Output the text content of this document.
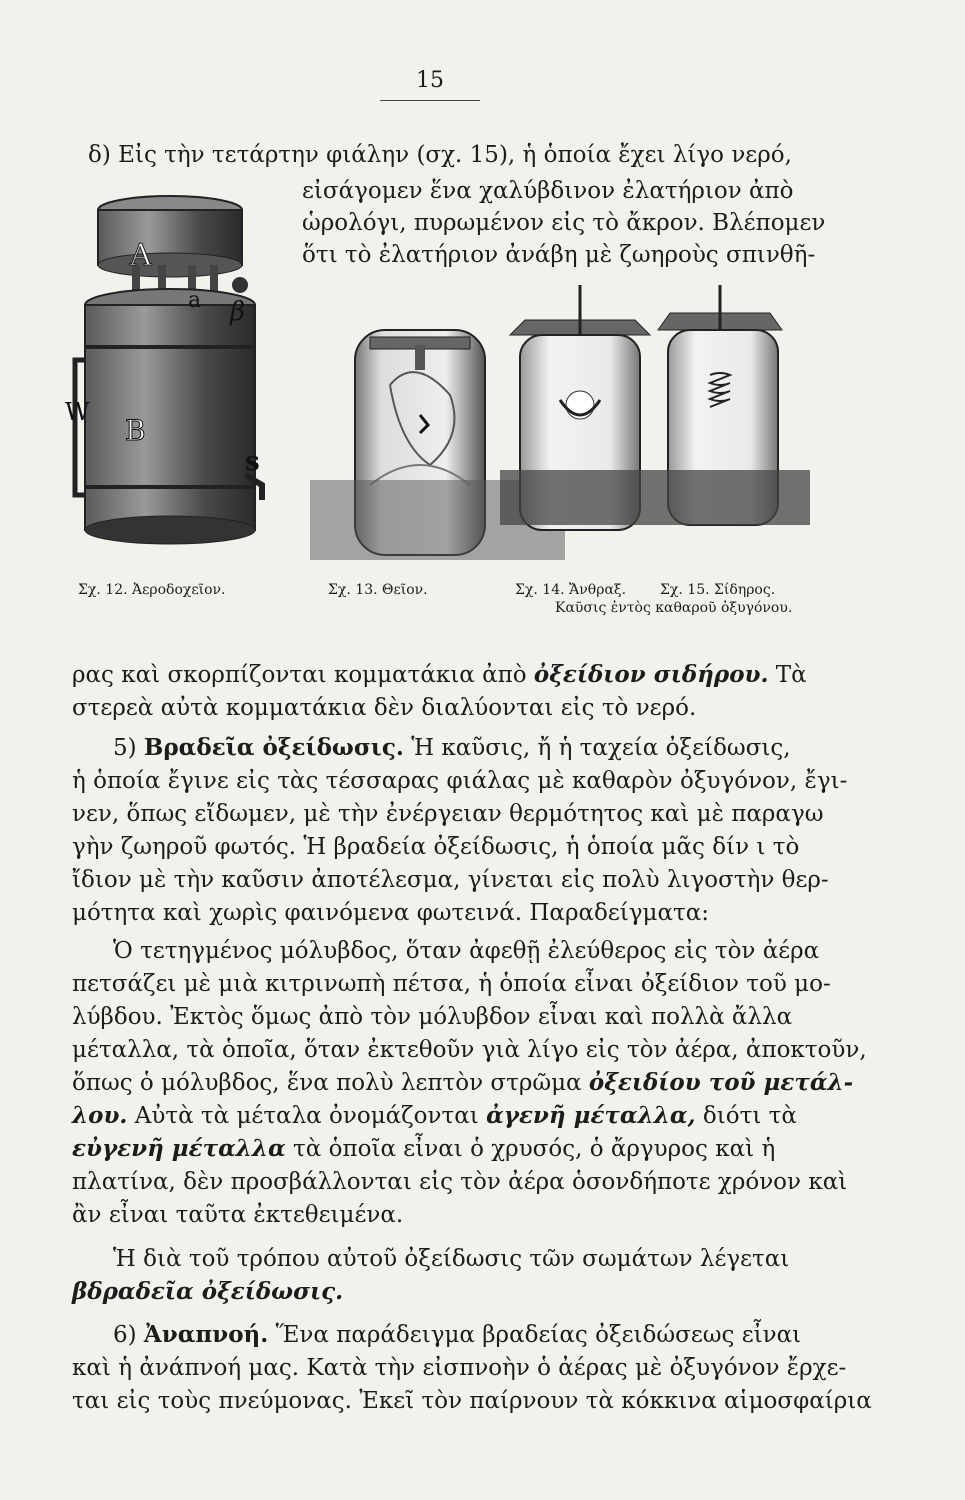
15
δ) Εἰς τὴν τετάρτην φιάλην (σχ. 15), ἡ ὁποία ἔχει λίγο νερό,
εἰσάγομεν ἕνα χαλύβδινον ἐλατήριον ἀπὸ
ὡρολόγι, πυρωμένον εἰς τὸ ἄκρον. Βλέπομεν
ὅτι τὸ ἐλατήριον ἀνάβη μὲ ζωηροὺς σπινθῆ-
A
a β
W
B
s
Σχ. 12. Ἀεροδοχεῖον.	Σχ. 13. Θεῖον.	Σχ. 14. Ἄνθραξ. Σχ. 15. Σίδηρος.
Καῦσις ἐντὸς καθαροῦ ὀξυγόνου.
ρας καὶ σκορπίζονται κομματάκια ἀπὸ ὀξείδιον σιδήρου. Τὰ
στερεὰ αὐτὰ κομματάκια δὲν διαλύονται εἰς τὸ νερό.
5) Βραδεῖα ὀξείδωσις. Ἡ καῦσις, ἤ ἡ ταχεία ὀξείδωσις,
ἡ ὁποία ἔγινε εἰς τὰς τέσσαρας φιάλας μὲ καθαρὸν ὀξυγόνον, ἔγι-
νεν, ὅπως εἴδωμεν, μὲ τὴν ἐνέργειαν θερμότητος καὶ μὲ παραγω
γὴν ζωηροῦ φωτός. Ἡ βραδεία ὀξείδωσις, ἡ ὁποία μᾶς δίν ι τὸ
ἴδιον μὲ τὴν καῦσιν ἀποτέλεσμα, γίνεται εἰς πολὺ λιγοστὴν θερ-
μότητα καὶ χωρὶς φαινόμενα φωτεινά. Παραδείγματα:
Ὁ τετηγμένος μόλυβδος, ὅταν ἀφεθῇ ἐλεύθερος εἰς τὸν ἀέρα
πετσάζει μὲ μιὰ κιτρινωπὴ πέτσα, ἡ ὁποία εἶναι ὀξείδιον τοῦ μο-
λύβδου. Ἐκτὸς ὅμως ἀπὸ τὸν μόλυβδον εἶναι καὶ πολλὰ ἄλλα
μέταλλα, τὰ ὁποῖα, ὅταν ἐκτεθοῦν γιὰ λίγο εἰς τὸν ἀέρα, ἀποκτοῦν,
ὅπως ὁ μόλυβδος, ἕνα πολὺ λεπτὸν στρῶμα ὀξειδίου τοῦ μετάλ-
λου. Αὐτὰ τὰ μέταλα ὀνομάζονται ἀγενῆ μέταλλα, διότι τὰ
εὐγενῆ μέταλλα τὰ ὁποῖα εἶναι ὁ χρυσός, ὁ ἄργυρος καὶ ἡ
πλατίνα, δὲν προσβάλλονται εἰς τὸν ἀέρα ὁσονδήποτε χρόνον καὶ
ἂν εἶναι ταῦτα ἐκτεθειμένα.
Ἡ διὰ τοῦ τρόπου αὐτοῦ ὀξείδωσις τῶν σωμάτων λέγεται
βδραδεῖα ὀξείδωσις.
6) Ἀναπνοή. Ἕνα παράδειγμα βραδείας ὀξειδώσεως εἶναι
καὶ ἡ ἀνάπνοή μας. Κατὰ τὴν εἰσπνοὴν ὁ ἀέρας μὲ ὀξυγόνον ἔρχε-
ται εἰς τοὺς πνεύμονας. Ἐκεῖ τὸν παίρνουν τὰ κόκκινα αἱμοσφαίρια
